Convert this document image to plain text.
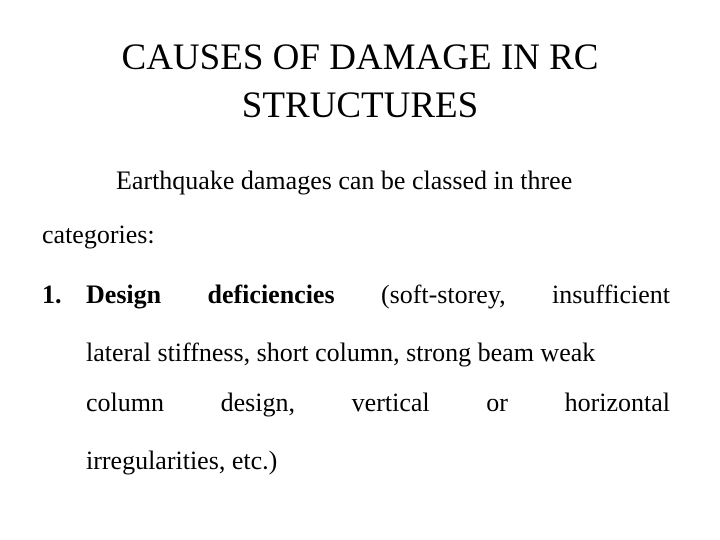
CAUSES OF DAMAGE IN RC
STRUCTURES

Earthquake damages can be classed in three

categories:

1. Design deficiencies (soft-storey, insufficient

lateral stiffness, short column, strong beam weak

column design, vertical or horizontal

irregularities, etc.)
